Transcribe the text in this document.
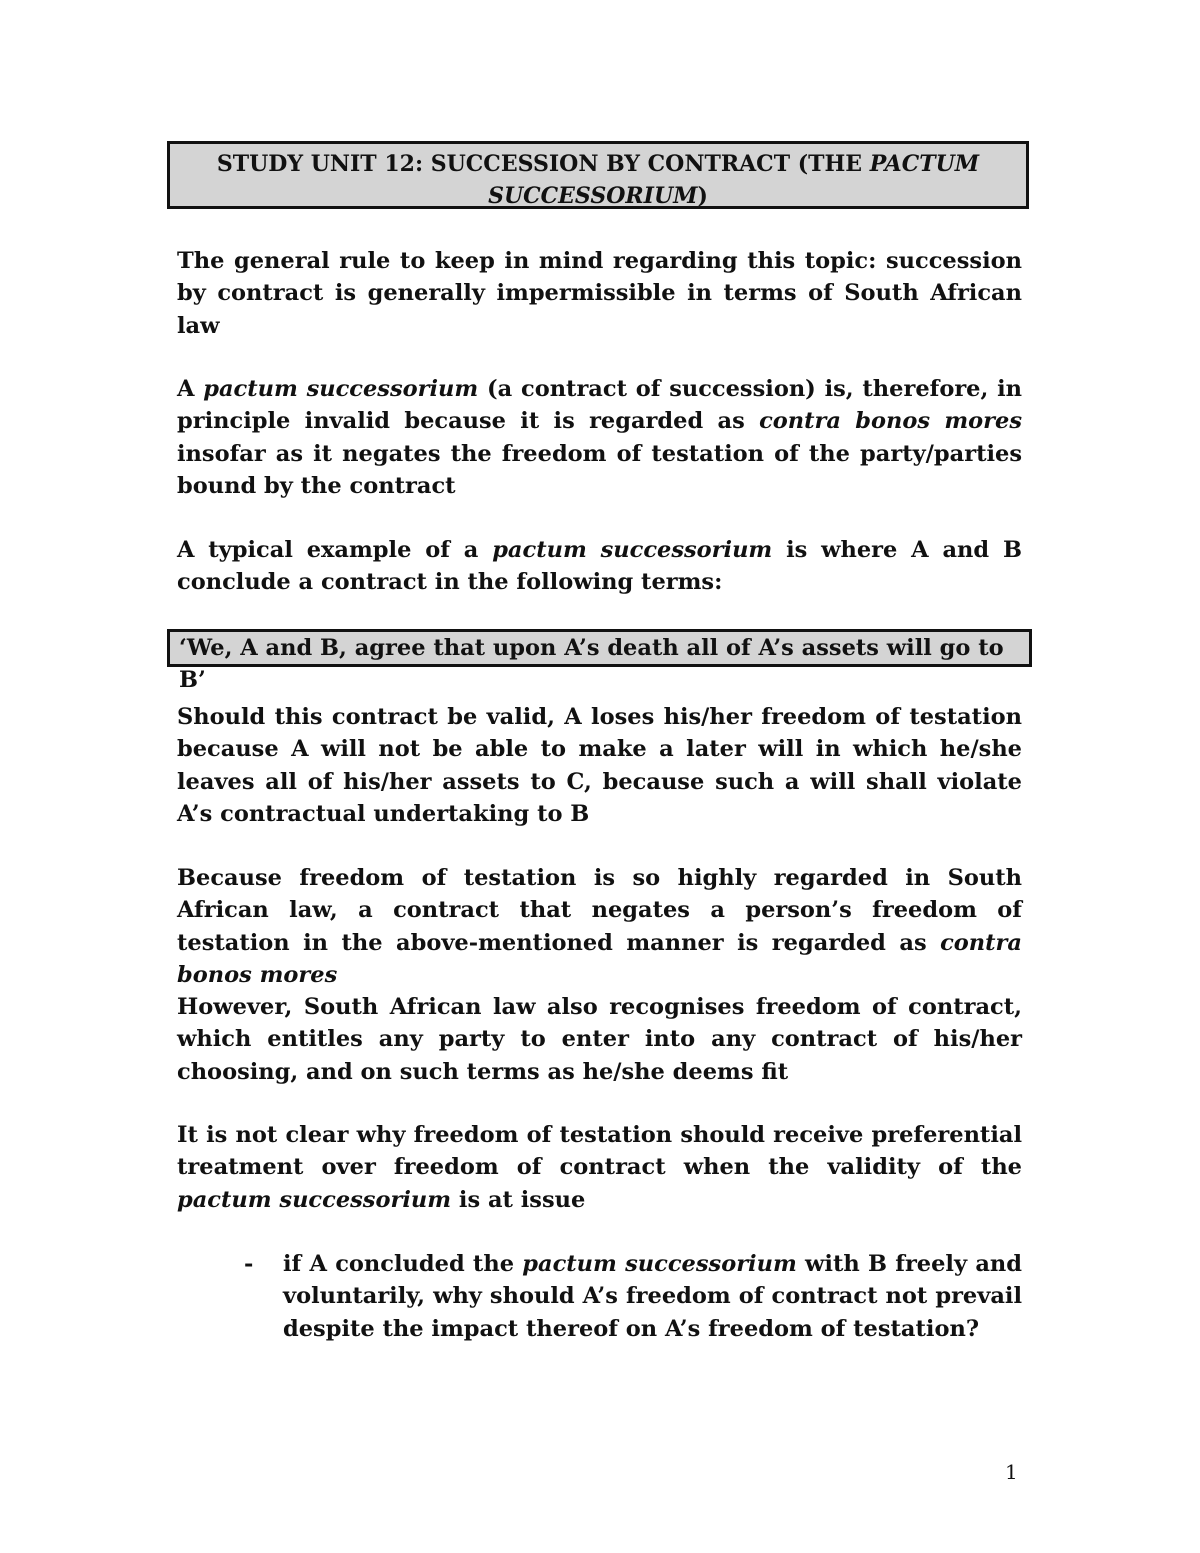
STUDY UNIT 12: SUCCESSION BY CONTRACT (THE PACTUM SUCCESSORIUM)
The general rule to keep in mind regarding this topic: succession by contract is generally impermissible in terms of South African law
A pactum successorium (a contract of succession) is, therefore, in principle invalid because it is regarded as contra bonos mores insofar as it negates the freedom of testation of the party/parties bound by the contract
A typical example of a pactum successorium is where A and B conclude a contract in the following terms:
‘We, A and B, agree that upon A’s death all of A’s assets will go to B’
Should this contract be valid, A loses his/her freedom of testation because A will not be able to make a later will in which he/she leaves all of his/her assets to C, because such a will shall violate A’s contractual undertaking to B
Because freedom of testation is so highly regarded in South African law, a contract that negates a person’s freedom of testation in the above-mentioned manner is regarded as contra bonos mores
However, South African law also recognises freedom of contract, which entitles any party to enter into any contract of his/her choosing, and on such terms as he/she deems fit
It is not clear why freedom of testation should receive preferential treatment over freedom of contract when the validity of the pactum successorium is at issue
- if A concluded the pactum successorium with B freely and voluntarily, why should A’s freedom of contract not prevail despite the impact thereof on A’s freedom of testation?
1
